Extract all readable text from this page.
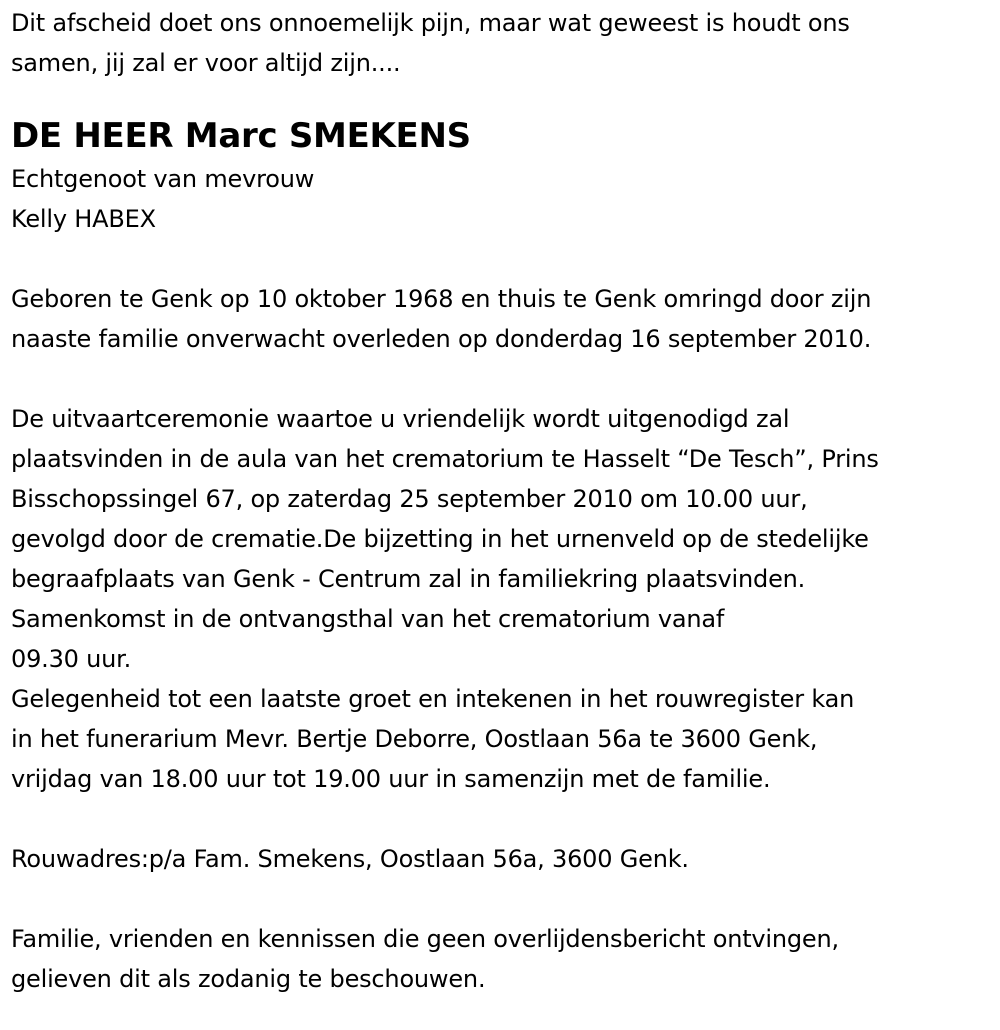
Dit afscheid doet ons onnoemelijk pijn, maar wat geweest is houdt ons
samen, jij zal er voor altijd zijn....
DE HEER Marc SMEKENS
Echtgenoot van mevrouw
Kelly HABEX
Geboren te Genk op 10 oktober 1968 en thuis te Genk omringd door zijn
naaste familie onverwacht overleden op donderdag 16 september 2010.
De uitvaartceremonie waartoe u vriendelijk wordt uitgenodigd zal
plaatsvinden in de aula van het crematorium te Hasselt “De Tesch”, Prins
Bisschopssingel 67, op zaterdag 25 september 2010 om 10.00 uur,
gevolgd door de crematie.De bijzetting in het urnenveld op de stedelijke
begraafplaats van Genk - Centrum zal in familiekring plaatsvinden.
Samenkomst in de ontvangsthal van het crematorium vanaf
09.30 uur.
Gelegenheid tot een laatste groet en intekenen in het rouwregister kan
in het funerarium Mevr. Bertje Deborre, Oostlaan 56a te 3600 Genk,
vrijdag van 18.00 uur tot 19.00 uur in samenzijn met de familie.
Rouwadres:p/a Fam. Smekens, Oostlaan 56a, 3600 Genk.
Familie, vrienden en kennissen die geen overlijdensbericht ontvingen,
gelieven dit als zodanig te beschouwen.
